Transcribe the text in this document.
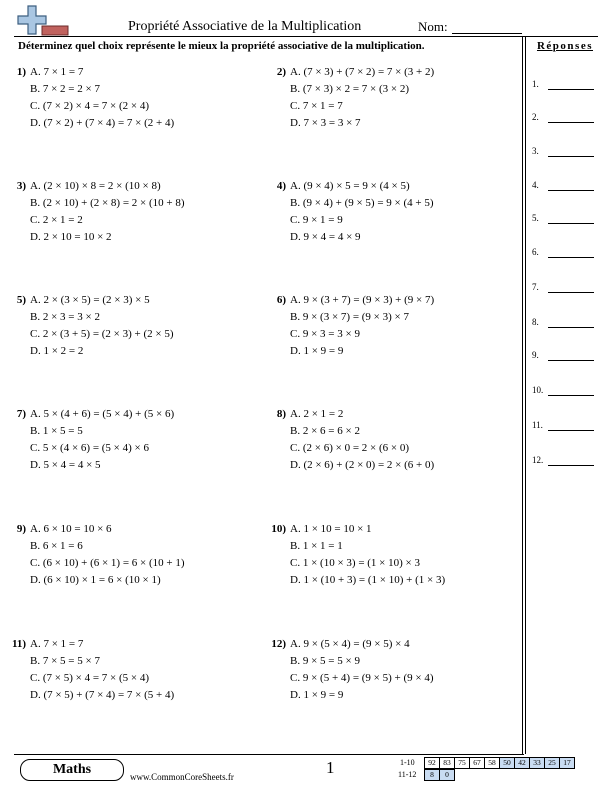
Propriété Associative de la Multiplication	Nom:
Déterminez quel choix représente le mieux la propriété associative de la multiplication.
1) A. 7 × 1 = 7
B. 7 × 2 = 2 × 7
C. (7 × 2) × 4 = 7 × (2 × 4)
D. (7 × 2) + (7 × 4) = 7 × (2 + 4)
2) A. (7 × 3) + (7 × 2) = 7 × (3 + 2)
B. (7 × 3) × 2 = 7 × (3 × 2)
C. 7 × 1 = 7
D. 7 × 3 = 3 × 7
3) A. (2 × 10) × 8 = 2 × (10 × 8)
B. (2 × 10) + (2 × 8) = 2 × (10 + 8)
C. 2 × 1 = 2
D. 2 × 10 = 10 × 2
4) A. (9 × 4) × 5 = 9 × (4 × 5)
B. (9 × 4) + (9 × 5) = 9 × (4 + 5)
C. 9 × 1 = 9
D. 9 × 4 = 4 × 9
5) A. 2 × (3 × 5) = (2 × 3) × 5
B. 2 × 3 = 3 × 2
C. 2 × (3 + 5) = (2 × 3) + (2 × 5)
D. 1 × 2 = 2
6) A. 9 × (3 + 7) = (9 × 3) + (9 × 7)
B. 9 × (3 × 7) = (9 × 3) × 7
C. 9 × 3 = 3 × 9
D. 1 × 9 = 9
7) A. 5 × (4 + 6) = (5 × 4) + (5 × 6)
B. 1 × 5 = 5
C. 5 × (4 × 6) = (5 × 4) × 6
D. 5 × 4 = 4 × 5
8) A. 2 × 1 = 2
B. 2 × 6 = 6 × 2
C. (2 × 6) × 0 = 2 × (6 × 0)
D. (2 × 6) + (2 × 0) = 2 × (6 + 0)
9) A. 6 × 10 = 10 × 6
B. 6 × 1 = 6
C. (6 × 10) + (6 × 1) = 6 × (10 + 1)
D. (6 × 10) × 1 = 6 × (10 × 1)
10) A. 1 × 10 = 10 × 1
B. 1 × 1 = 1
C. 1 × (10 × 3) = (1 × 10) × 3
D. 1 × (10 + 3) = (1 × 10) + (1 × 3)
11) A. 7 × 1 = 7
B. 7 × 5 = 5 × 7
C. (7 × 5) × 4 = 7 × (5 × 4)
D. (7 × 5) + (7 × 4) = 7 × (5 + 4)
12) A. 9 × (5 × 4) = (9 × 5) × 4
B. 9 × 5 = 5 × 9
C. 9 × (5 + 4) = (9 × 5) + (9 × 4)
D. 1 × 9 = 9
Réponses
1.
2.
3.
4.
5.
6.
7.
8.
9.
10.
11.
12.
Maths	www.CommonCoreSheets.fr	1	1-10 92	83	75	67	58	50	42	33	25	17
11-12 8	0
